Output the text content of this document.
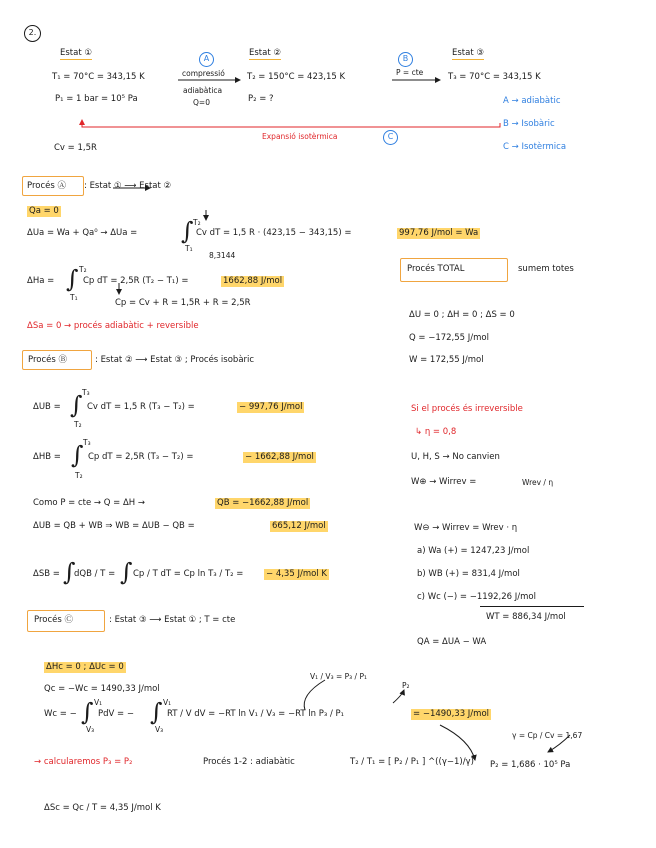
2.
Estat ①
T₁ = 70°C = 343,15 K
P₁ = 1 bar = 10⁵ Pa
Cv = 1,5R
A
compressió
adiabàtica
Q=0
Estat ②
T₂ = 150°C = 423,15 K
P₂ = ?
B
P = cte
Estat ③
T₃ = 70°C = 343,15 K
Expansió isotèrmica	C
A → adiabàtic
B → Isobàric
C → Isotèrmica
Procés Ⓐ : Estat ① ⟶ Estat ②
Qa = 0
ΔUa = Wa + Qa⁰ → ΔUa = ∫ T₂
T₁
Cv dT = 1,5 R · (423,15 − 343,15) =	997,76 J/mol = Wa
8,3144
ΔHa = ∫ T₂
T₁
Cp dT = 2,5R (T₂ − T₁) =	1662,88 J/mol
Cp = Cv + R = 1,5R + R = 2,5R
ΔSa = 0 → procés adiabàtic + reversible
Procés Ⓑ	: Estat ② ⟶ Estat ③ ; Procés isobàric
ΔUB = ∫ T₃
T₂
Cv dT = 1,5 R (T₃ − T₂) =	− 997,76 J/mol
ΔHB = ∫ T₃
T₂
Cp dT = 2,5R (T₃ − T₂) =	− 1662,88 J/mol
Como P = cte → Q = ΔH →	QB = −1662,88 J/mol
ΔUB = QB + WB ⇒ WB = ΔUB − QB =	665,12 J/mol
ΔSB = ∫
dQB / T = ∫ Cp / T dT = Cp ln T₃ / T₂ =	− 4,35 J/mol K
Procés Ⓒ	: Estat ③ ⟶ Estat ① ; T = cte
ΔHc = 0 ; ΔUc = 0
Qc = −Wc = 1490,33 J/mol
Wc = − ∫ V₁
V₃
PdV = − ∫ V₁
V₃
RT / V dV = −RT ln V₁ / V₃ = −RT ln P₃ / P₁	= −1490,33 J/mol
V₁ / V₃ = P₃ / P₁
P₂
→ calcularemos P₃ = P₂	Procés 1-2 : adiabàtic	T₂ / T₁ = [ P₂ / P₁ ] ^((γ−1)/γ)
γ = Cp / Cv = 1,67
P₂ = 1,686 · 10⁵ Pa
ΔSc = Qc / T = 4,35 J/mol K
Procés TOTAL	sumem totes
ΔU = 0 ; ΔH = 0 ; ΔS = 0
Q = −172,55 J/mol
W = 172,55 J/mol
Si el procés és irreversible
↳ η = 0,8
U, H, S → No canvien
W⊕ → Wirrev =	Wrev / η
W⊖ → Wirrev = Wrev · η
a) Wa (+) = 1247,23 J/mol
b) WB (+) = 831,4 J/mol
c) Wc (−) = −1192,26 J/mol
WT = 886,34 J/mol
QA = ΔUA − WA
